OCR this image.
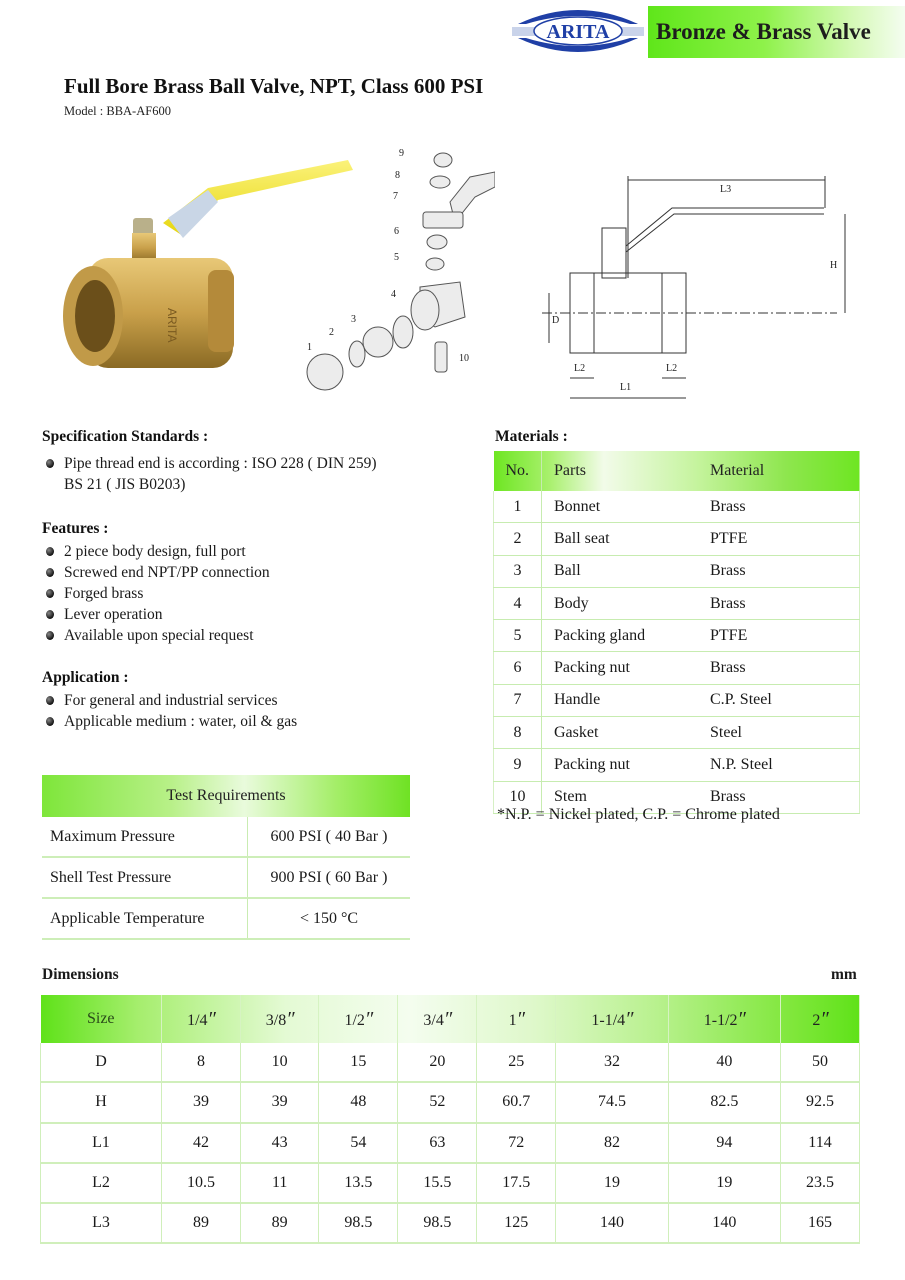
ARITA Bronze & Brass Valve
Full Bore Brass Ball Valve, NPT, Class 600 PSI
Model : BBA-AF600
ARITA
9
8
7
6
5
4
3
2
1
10
L3
H
D
L1
L2	L2
Specification Standards :
Pipe thread end is according : ISO 228 ( DIN 259)
BS 21 ( JIS B0203)
Features :
2 piece body design, full port
Screwed end NPT/PP connection
Forged brass
Lever operation
Available upon special request
Application :
For general and industrial services
Applicable medium : water, oil & gas
Materials :
No.	Parts	Material
1	Bonnet	Brass
2	Ball seat	PTFE
3	Ball	Brass
4	Body	Brass
5	Packing gland	PTFE
6	Packing nut	Brass
7	Handle	C.P. Steel
8	Gasket	Steel
9	Packing nut	N.P. Steel
10	Stem	Brass
*N.P. = Nickel plated, C.P. = Chrome plated
Test Requirements	
Maximum Pressure	600 PSI ( 40 Bar )
Shell Test Pressure	900 PSI ( 60 Bar )
Applicable Temperature	< 150 °C
Dimensions	mm
Size	1/4″	3/8″	1/2″	3/4″	1″	1-1/4″	1-1/2″	2″
D	8	10	15	20	25	32	40	50
H	39	39	48	52	60.7	74.5	82.5	92.5
L1	42	43	54	63	72	82	94	114
L2	10.5	11	13.5	15.5	17.5	19	19	23.5
L3	89	89	98.5	98.5	125	140	140	165
